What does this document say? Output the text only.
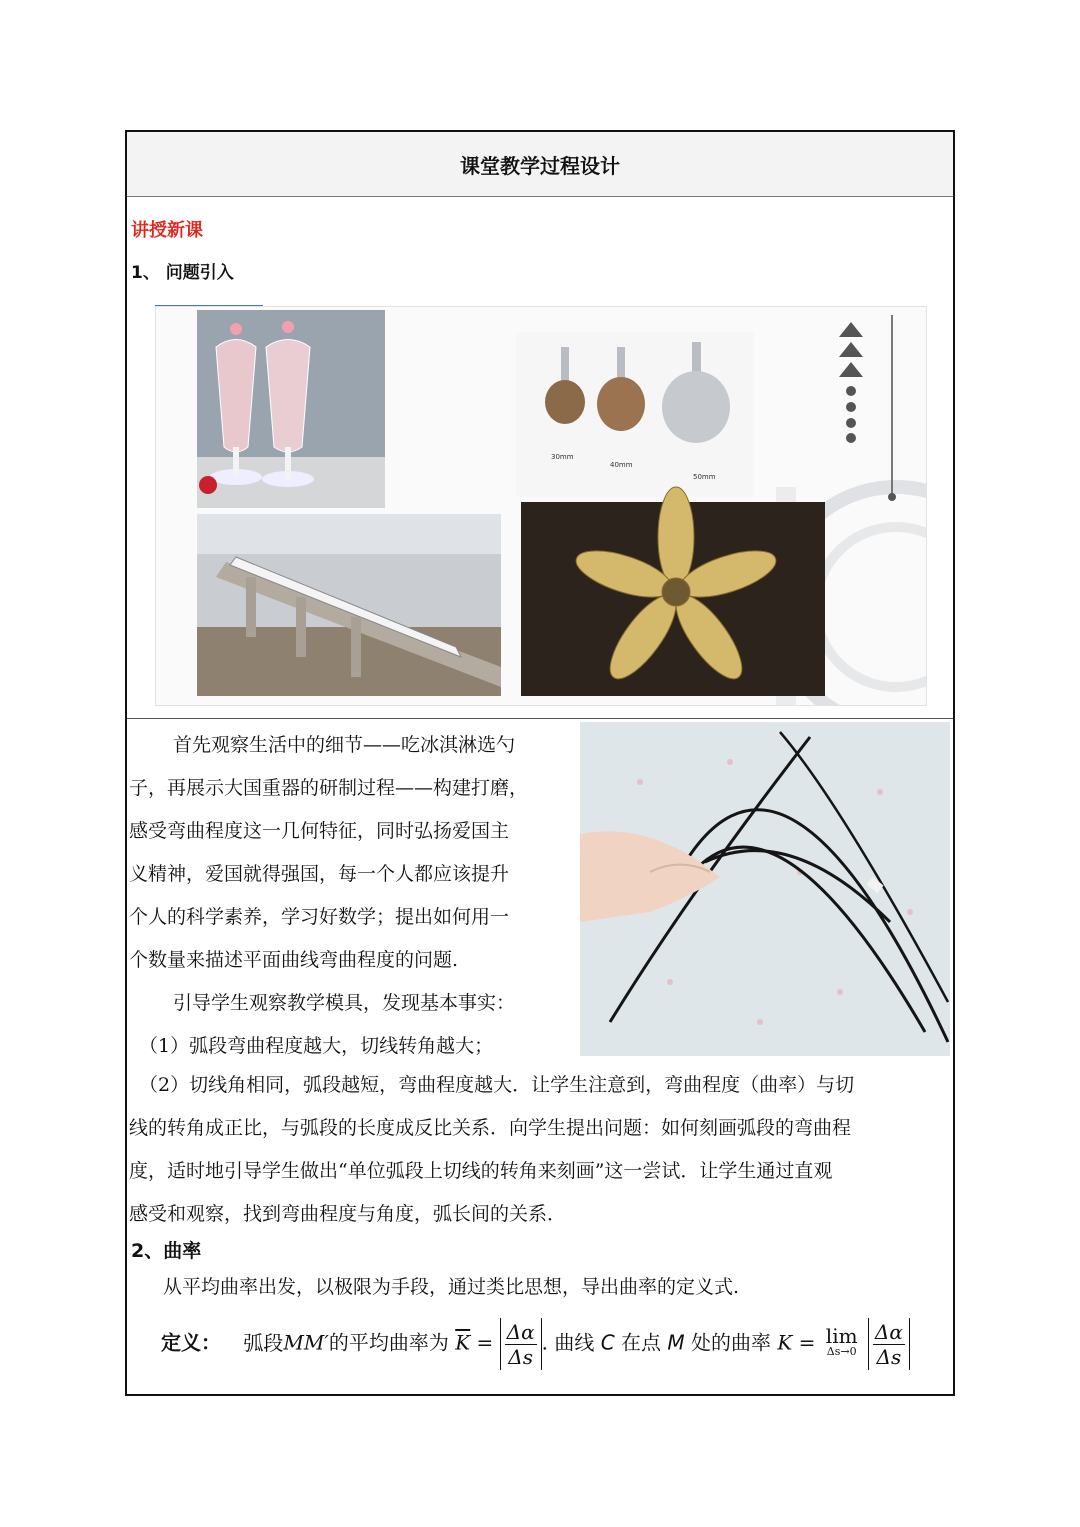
课堂教学过程设计
讲授新课
1、 问题引入
30mm
40mm
50mm

首先观察生活中的细节——吃冰淇淋选勺

子，再展示大国重器的研制过程——构建打磨，

感受弯曲程度这一几何特征，同时弘扬爱国主

义精神，爱国就得强国，每一个人都应该提升

个人的科学素养，学习好数学；提出如何用一

个数量来描述平面曲线弯曲程度的问题.

引导学生观察教学模具，发现基本事实：

（1）弧段弯曲程度越大，切线转角越大；

（2）切线角相同，弧段越短，弯曲程度越大．让学生注意到，弯曲程度（曲率）与切

线的转角成正比，与弧段的长度成反比关系．向学生提出问题：如何刻画弧段的弯曲程

度，适时地引导学生做出“单位弧段上切线的转角来刻画”这一尝试．让学生通过直观

感受和观察，找到弯曲程度与角度，弧长间的关系．

2、曲率

从平均曲率出发，以极限为手段，通过类比思想，导出曲率的定义式.

定义： 弧段MM′的平均曲率为 $\overline{K} = \frac{\Delta\alpha}{\Delta s}$ . 曲线 C 在点 M 处的曲率 K = lim
Δs→0
$\frac{\Delta\alpha}{\Delta s}$
